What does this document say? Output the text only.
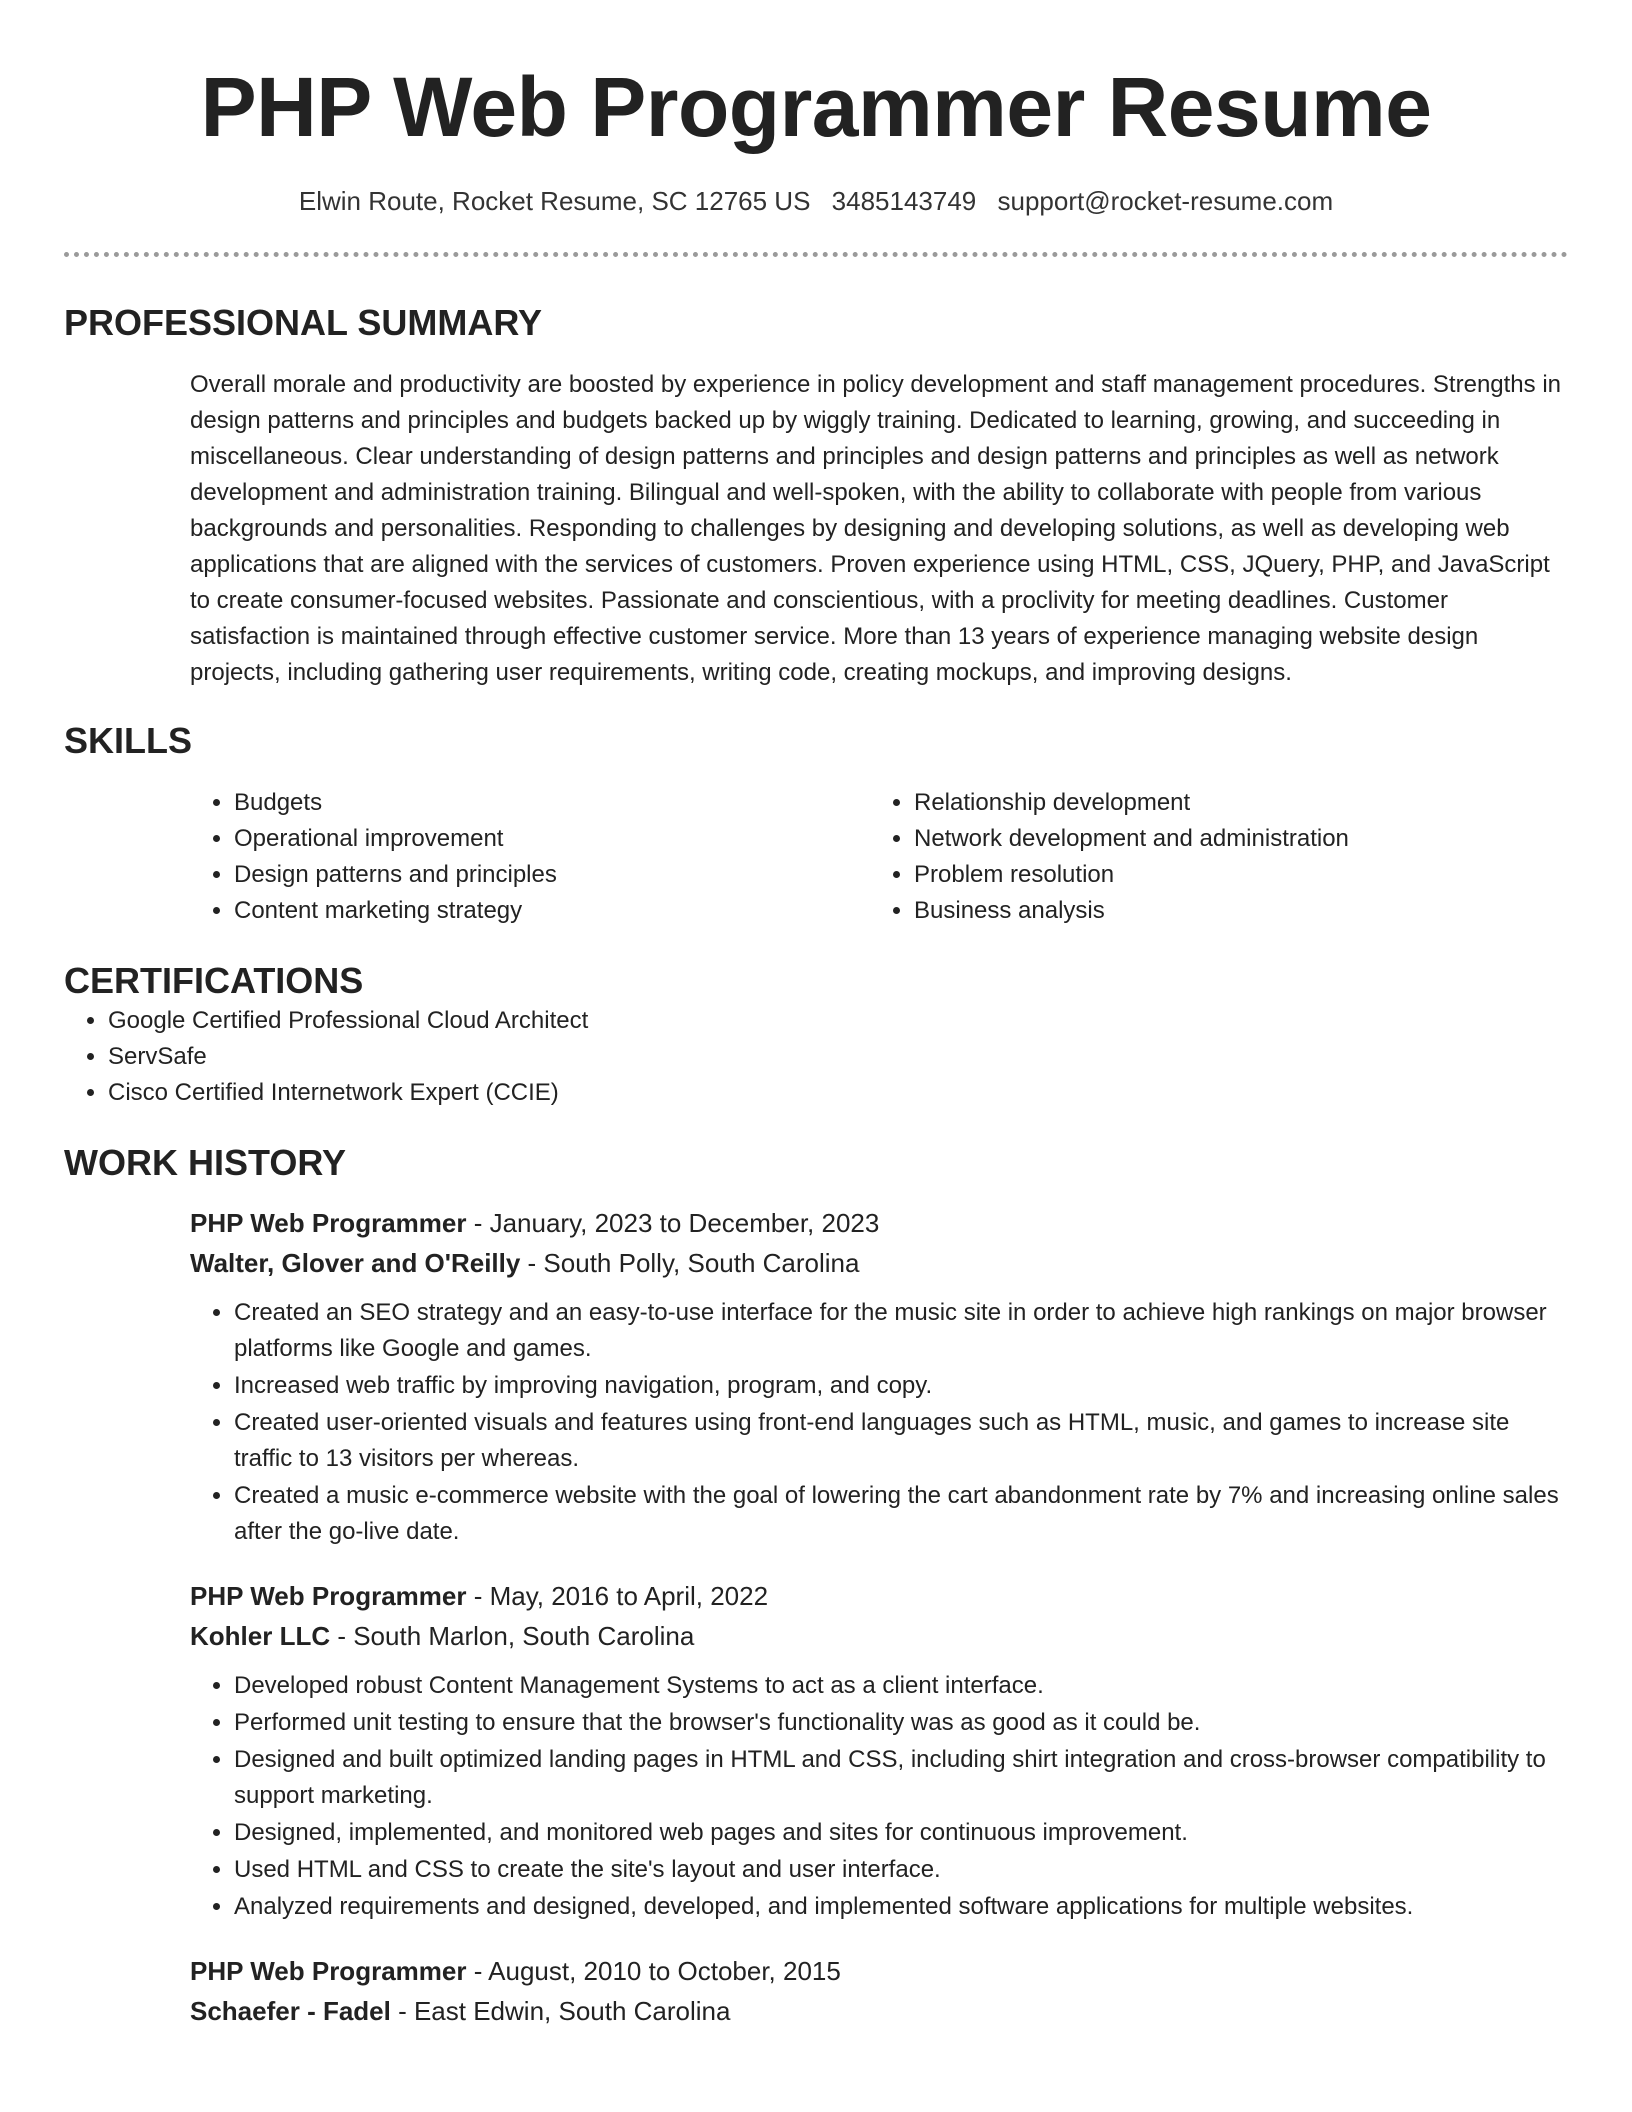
PHP Web Programmer Resume
Elwin Route, Rocket Resume, SC 12765 US 3485143749 support@rocket-resume.com
PROFESSIONAL SUMMARY

Overall morale and productivity are boosted by experience in policy development and staff management procedures. Strengths in design patterns and principles and budgets backed up by wiggly training. Dedicated to learning, growing, and succeeding in miscellaneous. Clear understanding of design patterns and principles and design patterns and principles as well as network development and administration training. Bilingual and well-spoken, with the ability to collaborate with people from various backgrounds and personalities. Responding to challenges by designing and developing solutions, as well as developing web applications that are aligned with the services of customers. Proven experience using HTML, CSS, JQuery, PHP, and JavaScript to create consumer-focused websites. Passionate and conscientious, with a proclivity for meeting deadlines. Customer satisfaction is maintained through effective customer service. More than 13 years of experience managing website design projects, including gathering user requirements, writing code, creating mockups, and improving designs.

SKILLS
• Budgets
• Operational improvement
• Design patterns and principles
• Content marketing strategy
• Relationship development
• Network development and administration
• Problem resolution
• Business analysis
CERTIFICATIONS
• Google Certified Professional Cloud Architect
• ServSafe
• Cisco Certified Internetwork Expert (CCIE)
WORK HISTORY
PHP Web Programmer - January, 2023 to December, 2023
Walter, Glover and O'Reilly - South Polly, South Carolina
• Created an SEO strategy and an easy-to-use interface for the music site in order to achieve high rankings on major browser platforms like Google and games.
• Increased web traffic by improving navigation, program, and copy.
• Created user-oriented visuals and features using front-end languages such as HTML, music, and games to increase site traffic to 13 visitors per whereas.
• Created a music e-commerce website with the goal of lowering the cart abandonment rate by 7% and increasing online sales after the go-live date.
PHP Web Programmer - May, 2016 to April, 2022
Kohler LLC - South Marlon, South Carolina
• Developed robust Content Management Systems to act as a client interface.
• Performed unit testing to ensure that the browser's functionality was as good as it could be.
• Designed and built optimized landing pages in HTML and CSS, including shirt integration and cross-browser compatibility to support marketing.
• Designed, implemented, and monitored web pages and sites for continuous improvement.
• Used HTML and CSS to create the site's layout and user interface.
• Analyzed requirements and designed, developed, and implemented software applications for multiple websites.
PHP Web Programmer - August, 2010 to October, 2015
Schaefer - Fadel - East Edwin, South Carolina
